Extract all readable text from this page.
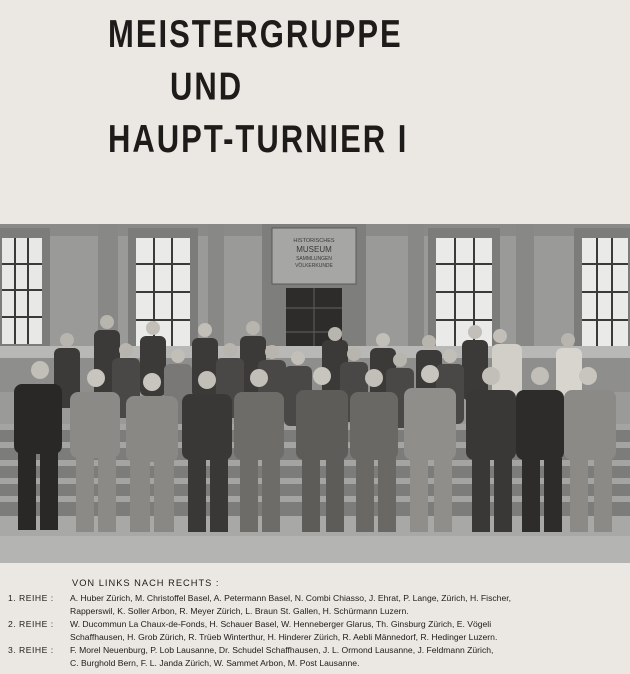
MEISTERGRUPPE
UND
HAUPT-TURNIER I
HISTORISCHES
MUSEUM
SAMMLUNGEN
VÖLKERKUNDE
VON LINKS NACH RECHTS :
1. REIHE :	A. Huber Zürich, M. Christoffel Basel, A. Petermann Basel, N. Combi Chiasso, J. Ehrat, P. Lange, Zürich, H. Fischer,
Rapperswil, K. Soller Arbon, R. Meyer Zürich, L. Braun St. Gallen, H. Schürmann Luzern.
2. REIHE :	W. Ducommun La Chaux-de-Fonds, H. Schauer Basel, W. Henneberger Glarus, Th. Ginsburg Zürich, E. Vögeli
Schaffhausen, H. Grob Zürich, R. Trüeb Winterthur, H. Hinderer Zürich, R. Aebli Männedorf, R. Hedinger Luzern.
3. REIHE :	F. Morel Neuenburg, P. Lob Lausanne, Dr. Schudel Schaffhausen, J. L. Ormond Lausanne, J. Feldmann Zürich,
C. Burghold Bern, F. L. Janda Zürich, W. Sammet Arbon, M. Post Lausanne.
